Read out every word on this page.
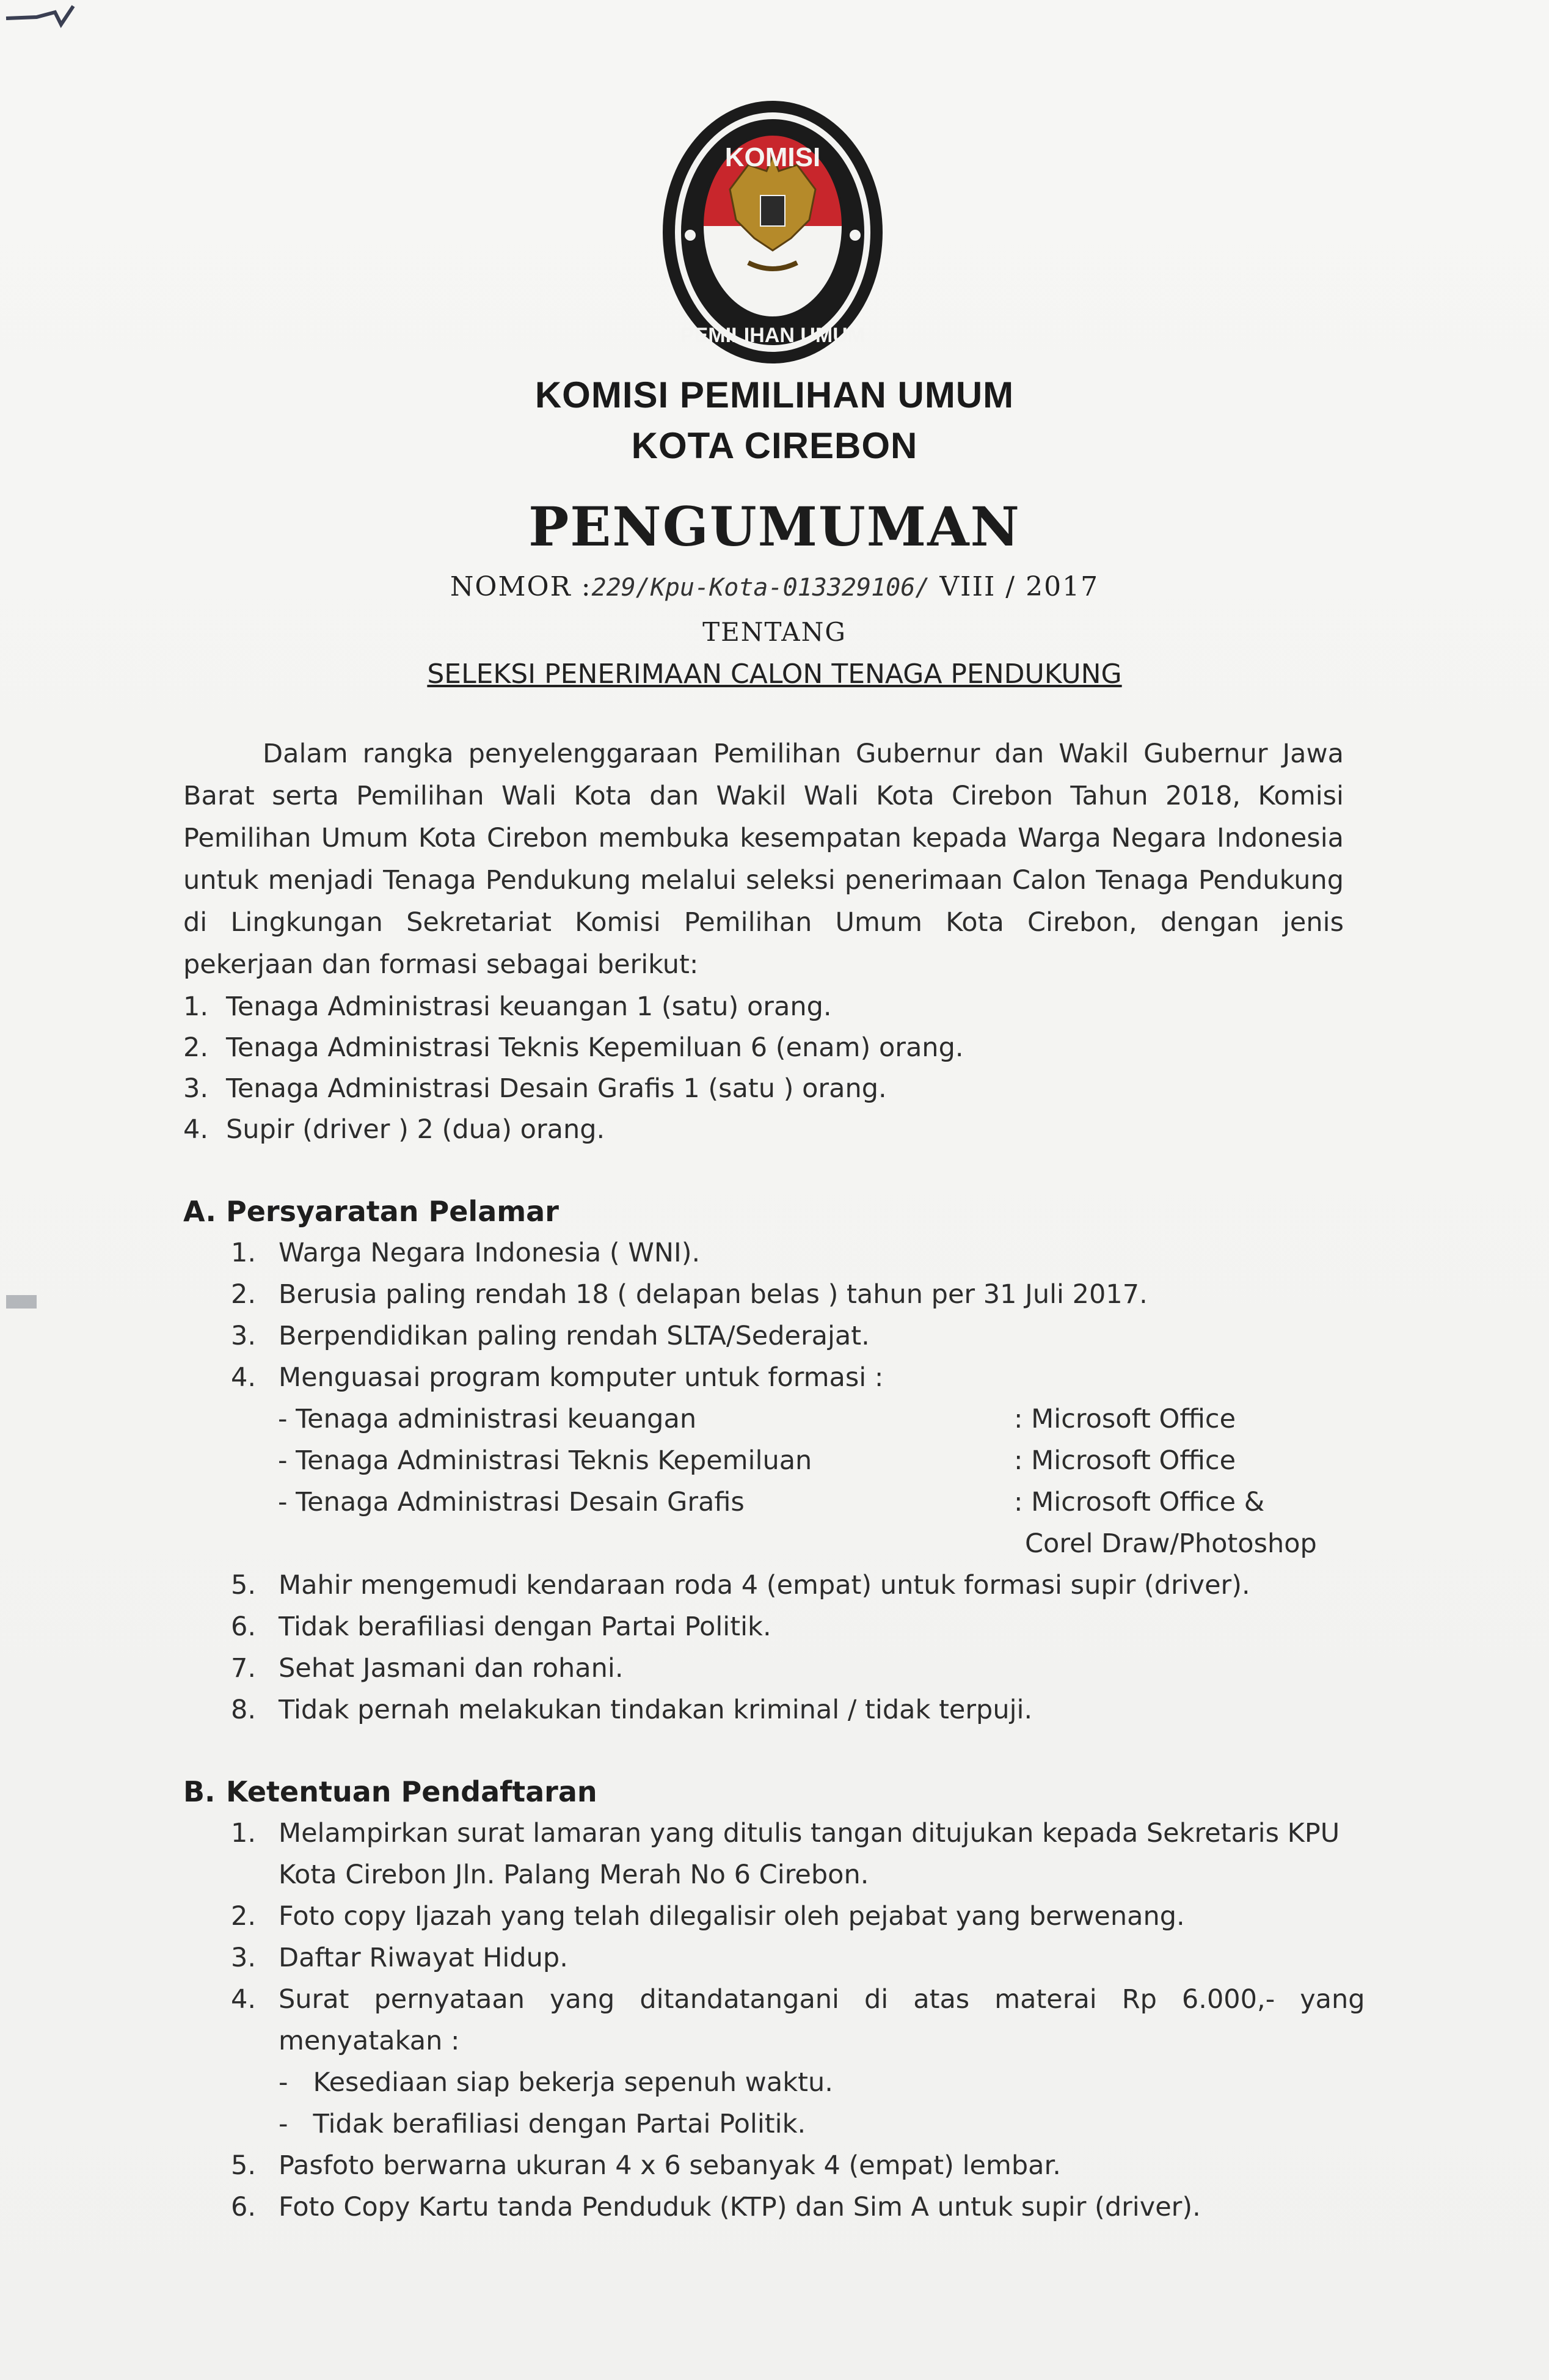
KOMISI
PEMILIHAN UMUM
KOMISI PEMILIHAN UMUM
KOTA CIREBON
PENGUMUMAN
NOMOR :229/Kpu-Kota-013329106/ VIII / 2017
TENTANG
SELEKSI PENERIMAAN CALON TENAGA PENDUKUNG

Dalam rangka penyelenggaraan Pemilihan Gubernur dan Wakil Gubernur Jawa Barat serta Pemilihan Wali Kota dan Wakil Wali Kota Cirebon Tahun 2018, Komisi Pemilihan Umum Kota Cirebon membuka kesempatan kepada Warga Negara Indonesia untuk menjadi Tenaga Pendukung melalui seleksi penerimaan Calon Tenaga Pendukung di Lingkungan Sekretariat Komisi Pemilihan Umum Kota Cirebon, dengan jenis pekerjaan dan formasi sebagai berikut:

1. Tenaga Administrasi keuangan 1 (satu) orang.
2. Tenaga Administrasi Teknis Kepemiluan 6 (enam) orang.
3. Tenaga Administrasi Desain Grafis 1 (satu ) orang.
4. Supir (driver ) 2 (dua) orang.
A. Persyaratan Pelamar
1. Warga Negara Indonesia ( WNI).
2. Berusia paling rendah 18 ( delapan belas ) tahun per 31 Juli 2017.
3. Berpendidikan paling rendah SLTA/Sederajat.
4. Menguasai program komputer untuk formasi :
- Tenaga administrasi keuangan	: Microsoft Office
- Tenaga Administrasi Teknis Kepemiluan	: Microsoft Office
- Tenaga Administrasi Desain Grafis	: Microsoft Office &
Corel Draw/Photoshop
5. Mahir mengemudi kendaraan roda 4 (empat) untuk formasi supir (driver).
6. Tidak berafiliasi dengan Partai Politik.
7. Sehat Jasmani dan rohani.
8. Tidak pernah melakukan tindakan kriminal / tidak terpuji.
B. Ketentuan Pendaftaran
1. Melampirkan surat lamaran yang ditulis tangan ditujukan kepada Sekretaris KPU
Kota Cirebon Jln. Palang Merah No 6 Cirebon.
2. Foto copy Ijazah yang telah dilegalisir oleh pejabat yang berwenang.
3. Daftar Riwayat Hidup.
4. Surat   pernyataan   yang   ditandatangani   di   atas   materai   Rp   6.000,-   yang
menyatakan :
-   Kesediaan siap bekerja sepenuh waktu.
-   Tidak berafiliasi dengan Partai Politik.
5. Pasfoto berwarna ukuran 4 x 6 sebanyak 4 (empat) lembar.
6. Foto Copy Kartu tanda Penduduk (KTP) dan Sim A untuk supir (driver).
